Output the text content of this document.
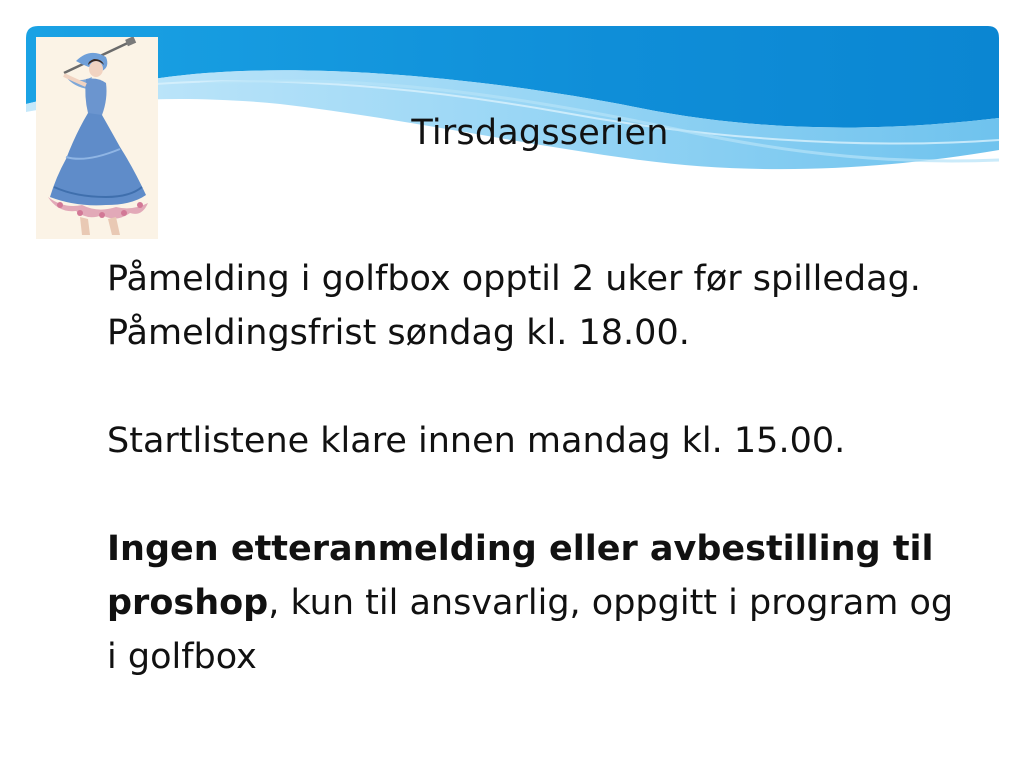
Tirsdagsserien

Påmelding i golfbox opptil 2 uker før spilledag. Påmeldingsfrist søndag kl. 18.00.

Startlistene klare innen mandag kl. 15.00.

Ingen etteranmelding eller avbestilling til proshop, kun til ansvarlig, oppgitt i program og i golfbox
